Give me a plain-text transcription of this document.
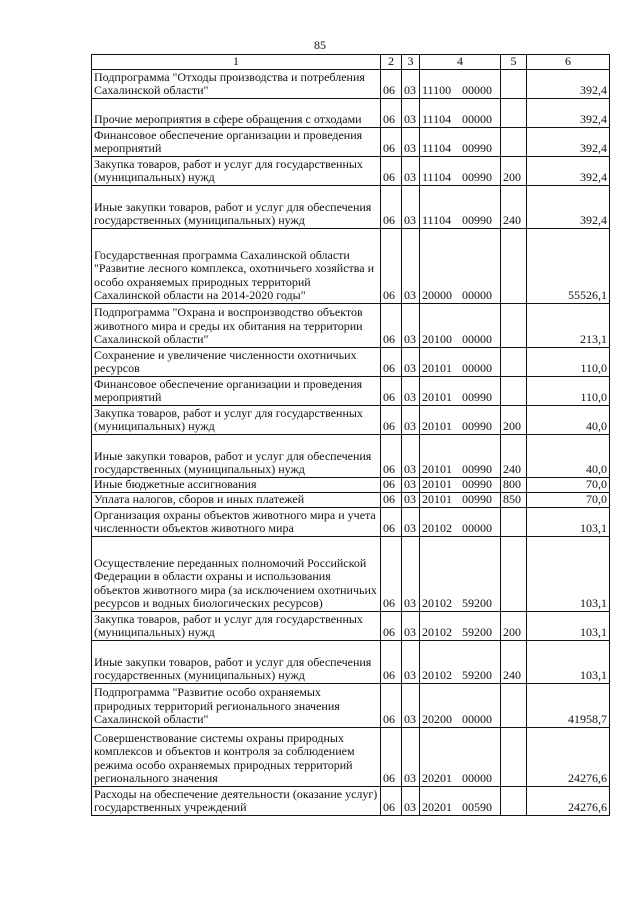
85
1	2	3	4	5	6
Подпрограмма "Отходы производства и потребления Сахалинской области"	06	03	11100 00000		392,4
Прочие мероприятия в сфере обращения с отходами	06	03	11104 00000		392,4
Финансовое обеспечение организации и проведения мероприятий	06	03	11104 00990		392,4
Закупка товаров, работ и услуг для государственных (муниципальных) нужд	06	03	11104 00990	200	392,4
Иные закупки товаров, работ и услуг для обеспечения государственных (муниципальных) нужд	06	03	11104 00990	240	392,4
Государственная программа Сахалинской области "Развитие лесного комплекса, охотничьего хозяйства и особо охраняемых природных территорий Сахалинской области на 2014-2020 годы"	06	03	20000 00000		55526,1
Подпрограмма "Охрана и воспроизводство объектов животного мира и среды их обитания на территории Сахалинской области"	06	03	20100 00000		213,1
Сохранение и увеличение численности охотничьих ресурсов	06	03	20101 00000		110,0
Финансовое обеспечение организации и проведения мероприятий	06	03	20101 00990		110,0
Закупка товаров, работ и услуг для государственных (муниципальных) нужд	06	03	20101 00990	200	40,0
Иные закупки товаров, работ и услуг для обеспечения государственных (муниципальных) нужд	06	03	20101 00990	240	40,0
Иные бюджетные ассигнования	06	03	20101 00990	800	70,0
Уплата налогов, сборов и иных платежей	06	03	20101 00990	850	70,0
Организация охраны объектов животного мира и учета численности объектов животного мира	06	03	20102 00000		103,1
Осуществление переданных полномочий Российской Федерации в области охраны и использования объектов животного мира (за исключением охотничьих ресурсов и водных биологических ресурсов)	06	03	20102 59200		103,1
Закупка товаров, работ и услуг для государственных (муниципальных) нужд	06	03	20102 59200	200	103,1
Иные закупки товаров, работ и услуг для обеспечения государственных (муниципальных) нужд	06	03	20102 59200	240	103,1
Подпрограмма "Развитие особо охраняемых природных территорий регионального значения Сахалинской области"	06	03	20200 00000		41958,7
Совершенствование системы охраны природных комплексов и объектов и контроля за соблюдением режима особо охраняемых природных территорий регионального значения	06	03	20201 00000		24276,6
Расходы на обеспечение деятельности (оказание услуг) государственных учреждений	06	03	20201 00590		24276,6
